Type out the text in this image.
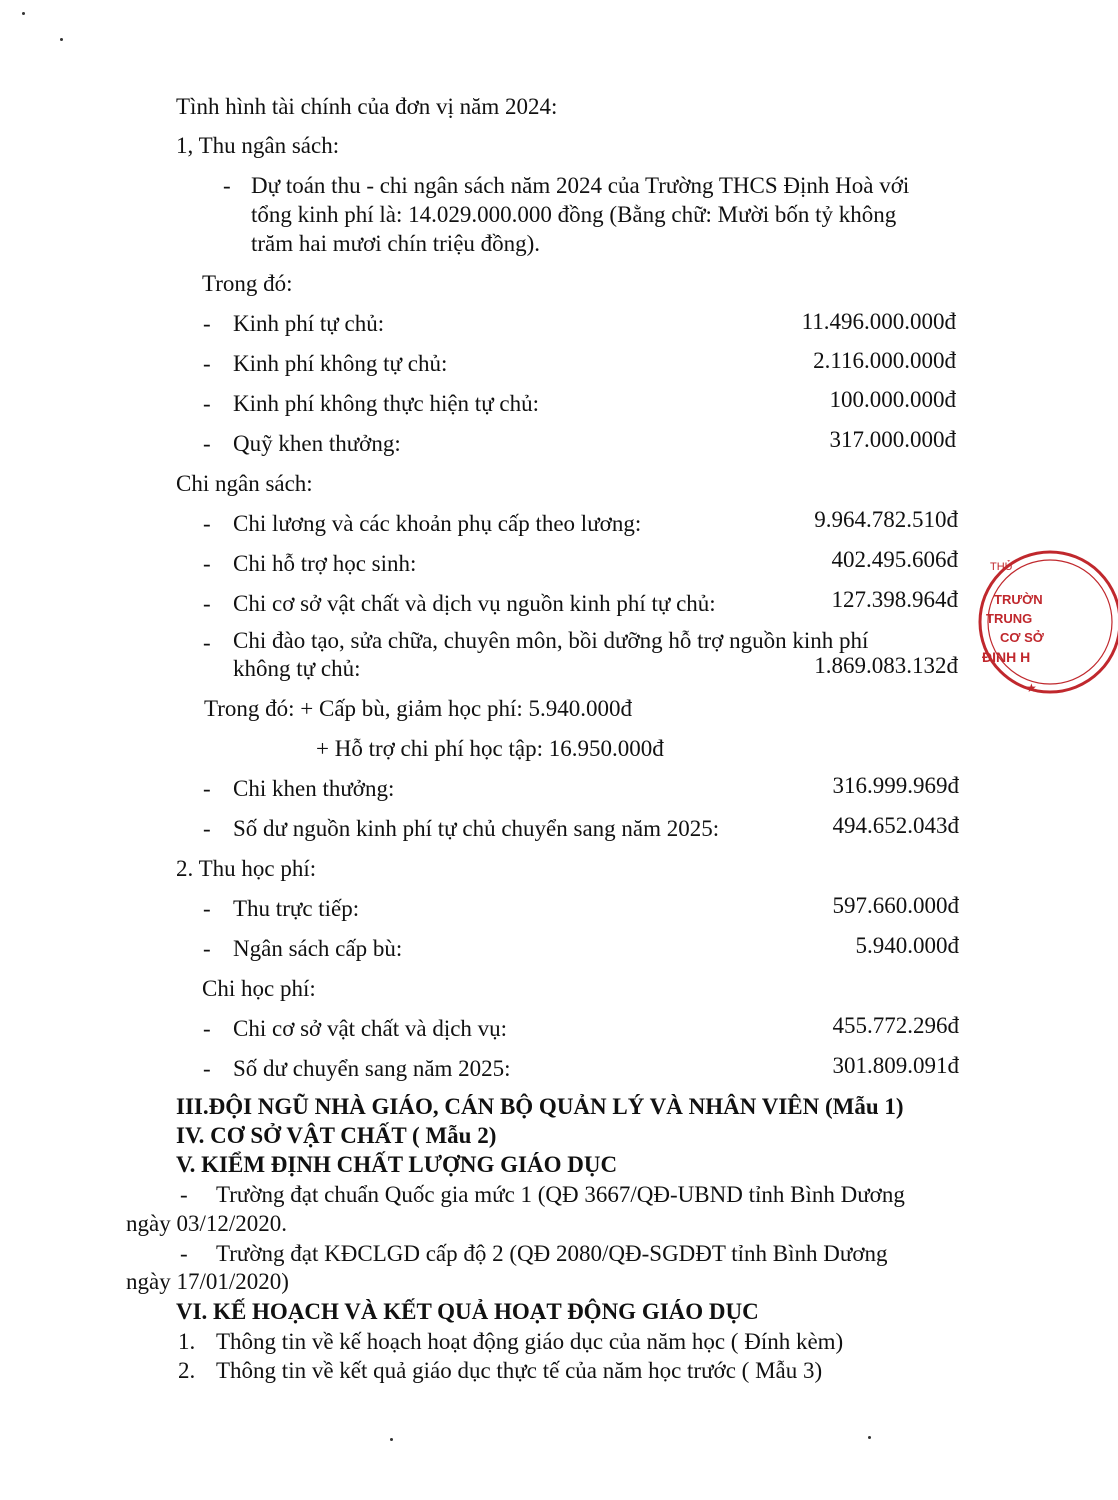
Tình hình tài chính của đơn vị năm 2024:
1, Thu ngân sách:
- Dự toán thu - chi ngân sách năm 2024 của Trường THCS Định Hoà với
tổng kinh phí là: 14.029.000.000 đồng (Bằng chữ: Mười bốn tỷ không
trăm hai mươi chín triệu đồng).
Trong đó:
- Kinh phí tự chủ:	11.496.000.000đ
- Kinh phí không tự chủ:	2.116.000.000đ
- Kinh phí không thực hiện tự chủ:	100.000.000đ
- Quỹ khen thưởng:	317.000.000đ
Chi ngân sách:
- Chi lương và các khoản phụ cấp theo lương:	9.964.782.510đ
- Chi hỗ trợ học sinh:	402.495.606đ
- Chi cơ sở vật chất và dịch vụ nguồn kinh phí tự chủ:	127.398.964đ
- Chi đào tạo, sửa chữa, chuyên môn, bồi dưỡng hỗ trợ nguồn kinh phí
không tự chủ:	1.869.083.132đ
Trong đó: + Cấp bù, giảm học phí: 5.940.000đ
+ Hỗ trợ chi phí học tập: 16.950.000đ
- Chi khen thưởng:	316.999.969đ
- Số dư nguồn kinh phí tự chủ chuyển sang năm 2025:	494.652.043đ
2. Thu học phí:
- Thu trực tiếp:	597.660.000đ
- Ngân sách cấp bù:	5.940.000đ
Chi học phí:
- Chi cơ sở vật chất và dịch vụ:	455.772.296đ
- Số dư chuyển sang năm 2025:	301.809.091đ
III.ĐỘI NGŨ NHÀ GIÁO, CÁN BỘ QUẢN LÝ VÀ NHÂN VIÊN (Mẫu 1)
IV. CƠ SỞ VẬT CHẤT ( Mẫu 2)
V. KIỂM ĐỊNH CHẤT LƯỢNG GIÁO DỤC
- Trường đạt chuẩn Quốc gia mức 1 (QĐ 3667/QĐ-UBND tỉnh Bình Dương
ngày 03/12/2020.
- Trường đạt KĐCLGD cấp độ 2 (QĐ 2080/QĐ-SGDĐT tỉnh Bình Dương
ngày 17/01/2020)
VI. KẾ HOẠCH VÀ KẾT QUẢ HOẠT ĐỘNG GIÁO DỤC
1. Thông tin về kế hoạch hoạt động giáo dục của năm học ( Đính kèm)
2. Thông tin về kết quả giáo dục thực tế của năm học trước ( Mẫu 3)
THỦ
TRƯỜN
TRUNG
CƠ SỞ
ĐỊNH H
★
